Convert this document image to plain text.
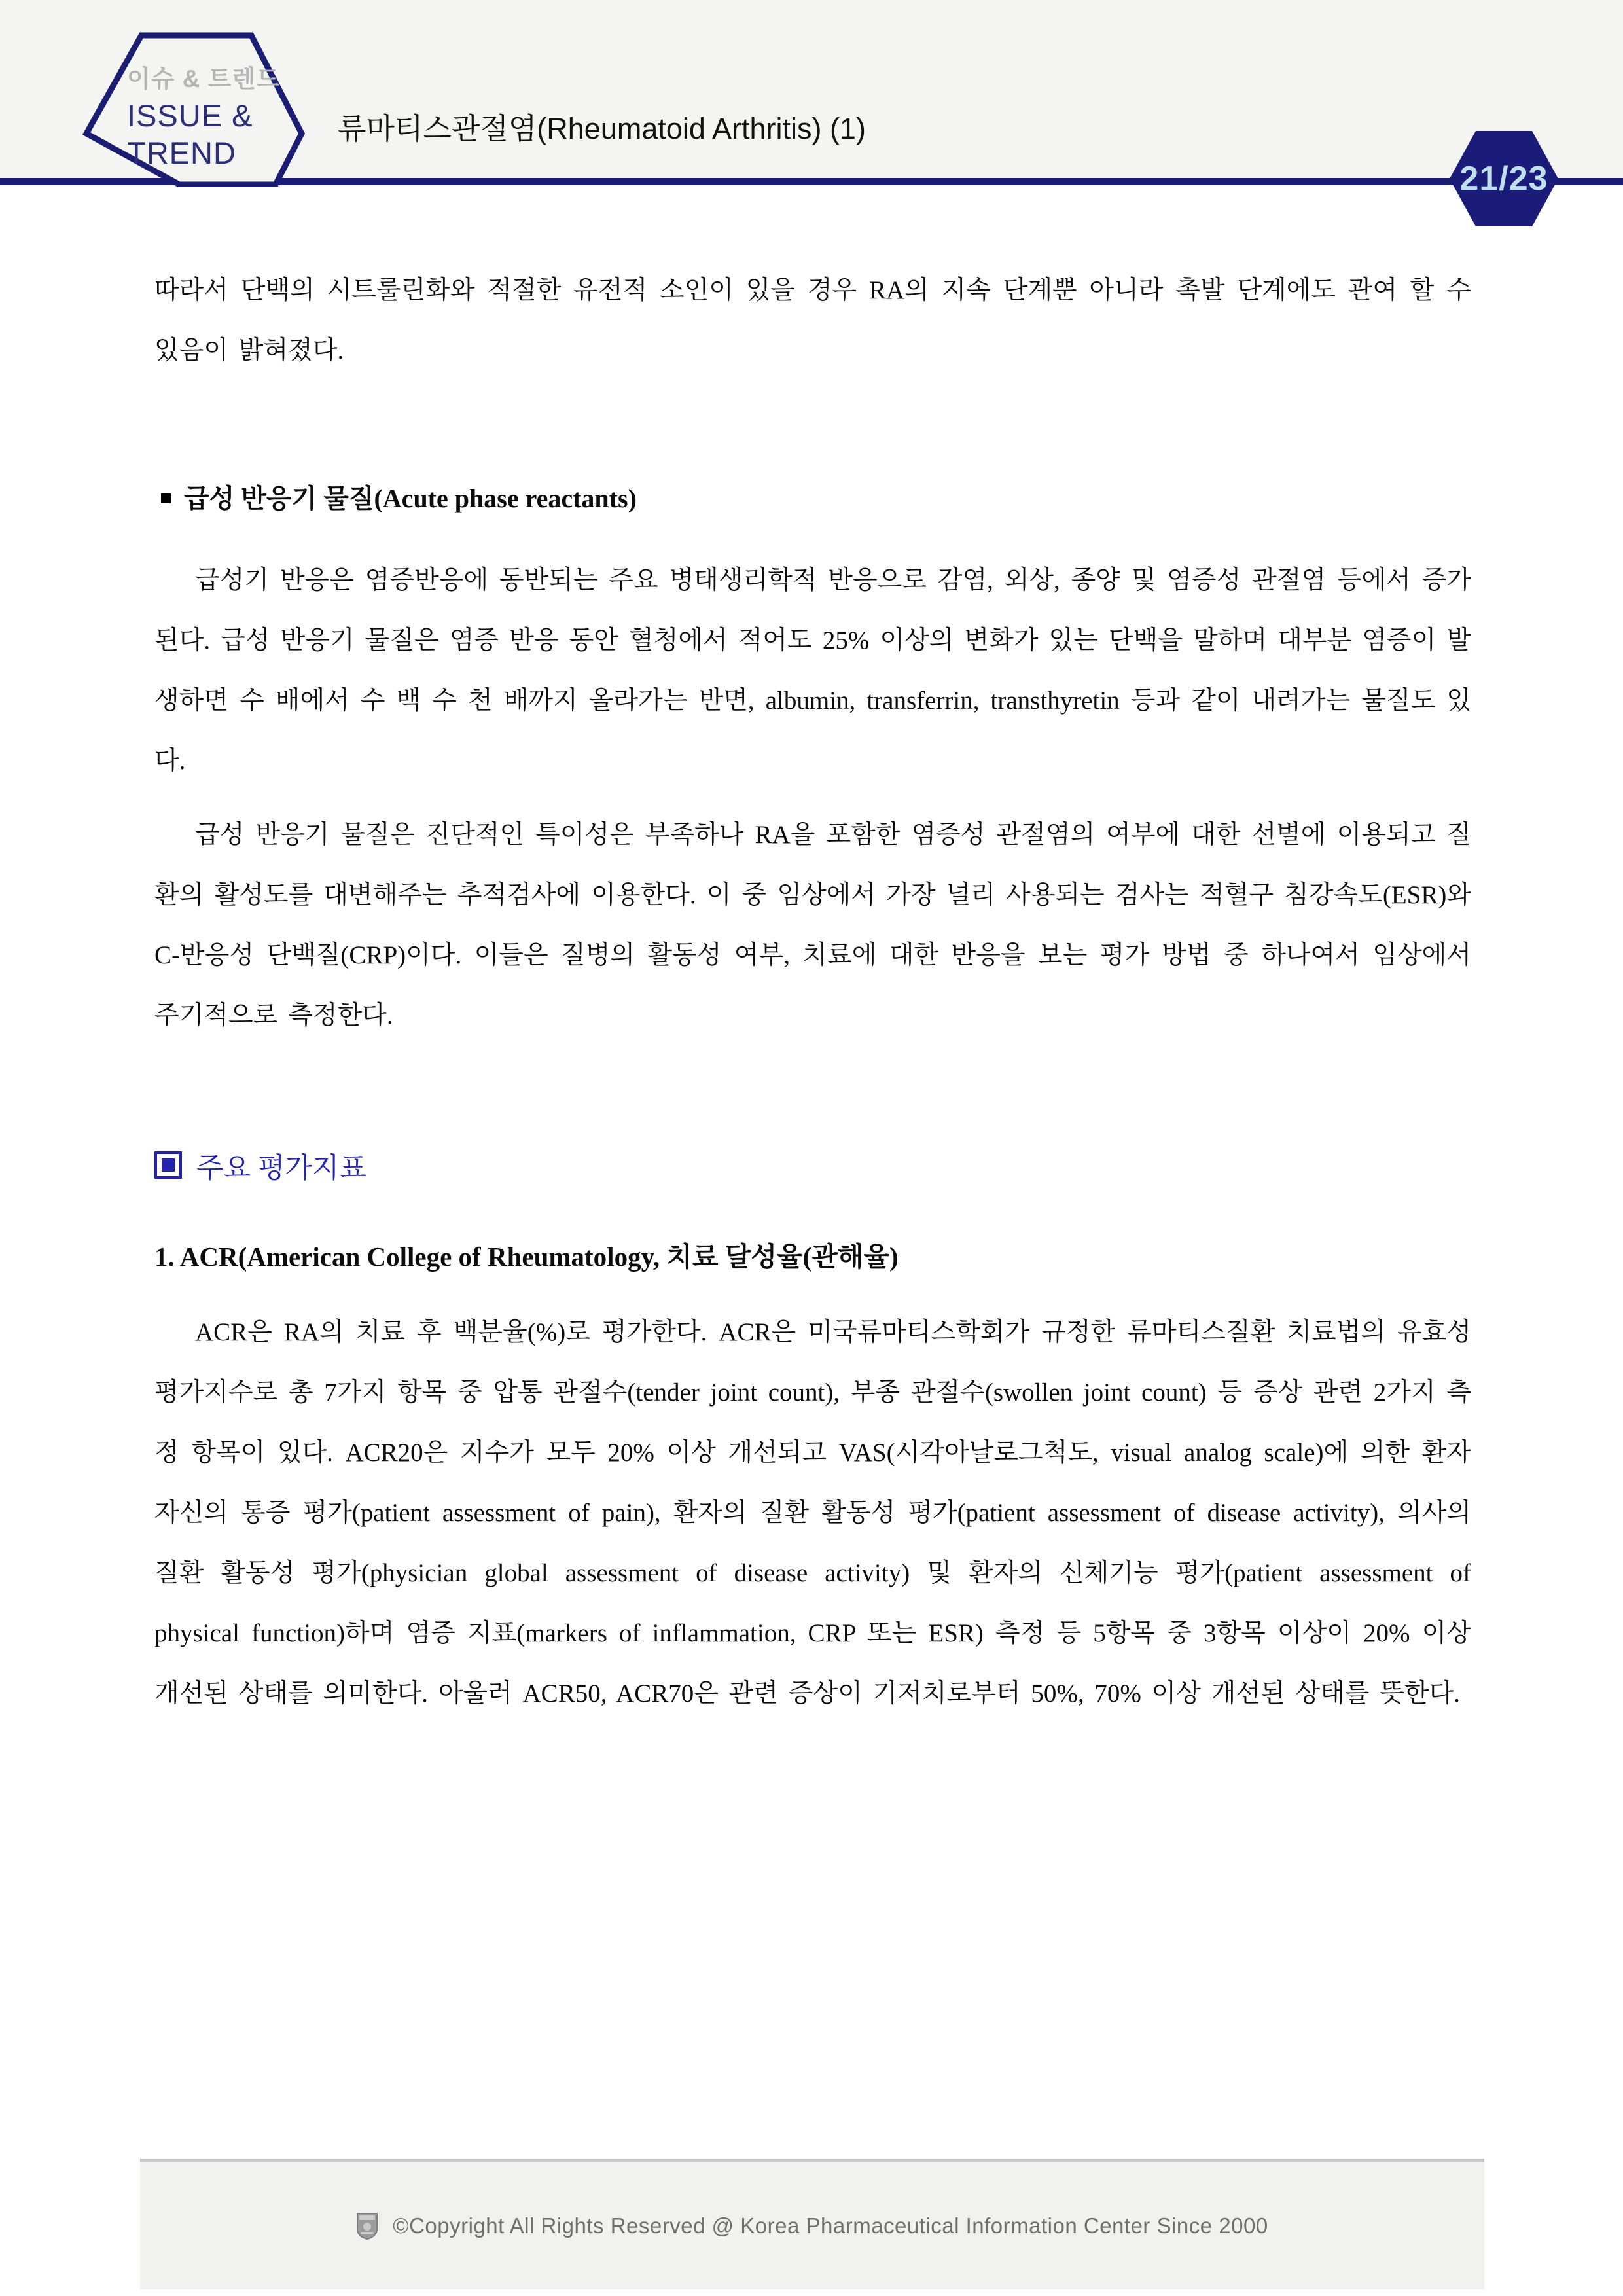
이슈 & 트렌드
ISSUE &
TREND
류마티스관절염(Rheumatoid Arthritis) (1)
21/23
따라서 단백의 시트룰린화와 적절한 유전적 소인이 있을 경우 RA의 지속 단계뿐 아니라 촉발 단계에도 관여 할 수 있음이 밝혀졌다.
급성 반응기 물질(Acute phase reactants)
급성기 반응은 염증반응에 동반되는 주요 병태생리학적 반응으로 감염, 외상, 종양 및 염증성 관절염 등에서 증가된다. 급성 반응기 물질은 염증 반응 동안 혈청에서 적어도 25% 이상의 변화가 있는 단백을 말하며 대부분 염증이 발생하면 수 배에서 수 백 수 천 배까지 올라가는 반면, albumin, transferrin, transthyretin 등과 같이 내려가는 물질도 있다.
급성 반응기 물질은 진단적인 특이성은 부족하나 RA을 포함한 염증성 관절염의 여부에 대한 선별에 이용되고 질환의 활성도를 대변해주는 추적검사에 이용한다. 이 중 임상에서 가장 널리 사용되는 검사는 적혈구 침강속도(ESR)와 C-반응성 단백질(CRP)이다. 이들은 질병의 활동성 여부, 치료에 대한 반응을 보는 평가 방법 중 하나여서 임상에서 주기적으로 측정한다.
주요 평가지표
1. ACR(American College of Rheumatology, 치료 달성율(관해율)
ACR은 RA의 치료 후 백분율(%)로 평가한다. ACR은 미국류마티스학회가 규정한 류마티스질환 치료법의 유효성 평가지수로 총 7가지 항목 중 압통 관절수(tender joint count), 부종 관절수(swollen joint count) 등 증상 관련 2가지 측정 항목이 있다. ACR20은 지수가 모두 20% 이상 개선되고 VAS(시각아날로그척도, visual analog scale)에 의한 환자 자신의 통증 평가(patient assessment of pain), 환자의 질환 활동성 평가(patient assessment of disease activity), 의사의 질환 활동성 평가(physician global assessment of disease activity) 및 환자의 신체기능 평가(patient assessment of physical function)하며 염증 지표(markers of inflammation, CRP 또는 ESR) 측정 등 5항목 중 3항목 이상이 20% 이상 개선된 상태를 의미한다. 아울러 ACR50, ACR70은 관련 증상이 기저치로부터 50%, 70% 이상 개선된 상태를 뜻한다.
©Copyright All Rights Reserved @ Korea Pharmaceutical Information Center Since 2000
